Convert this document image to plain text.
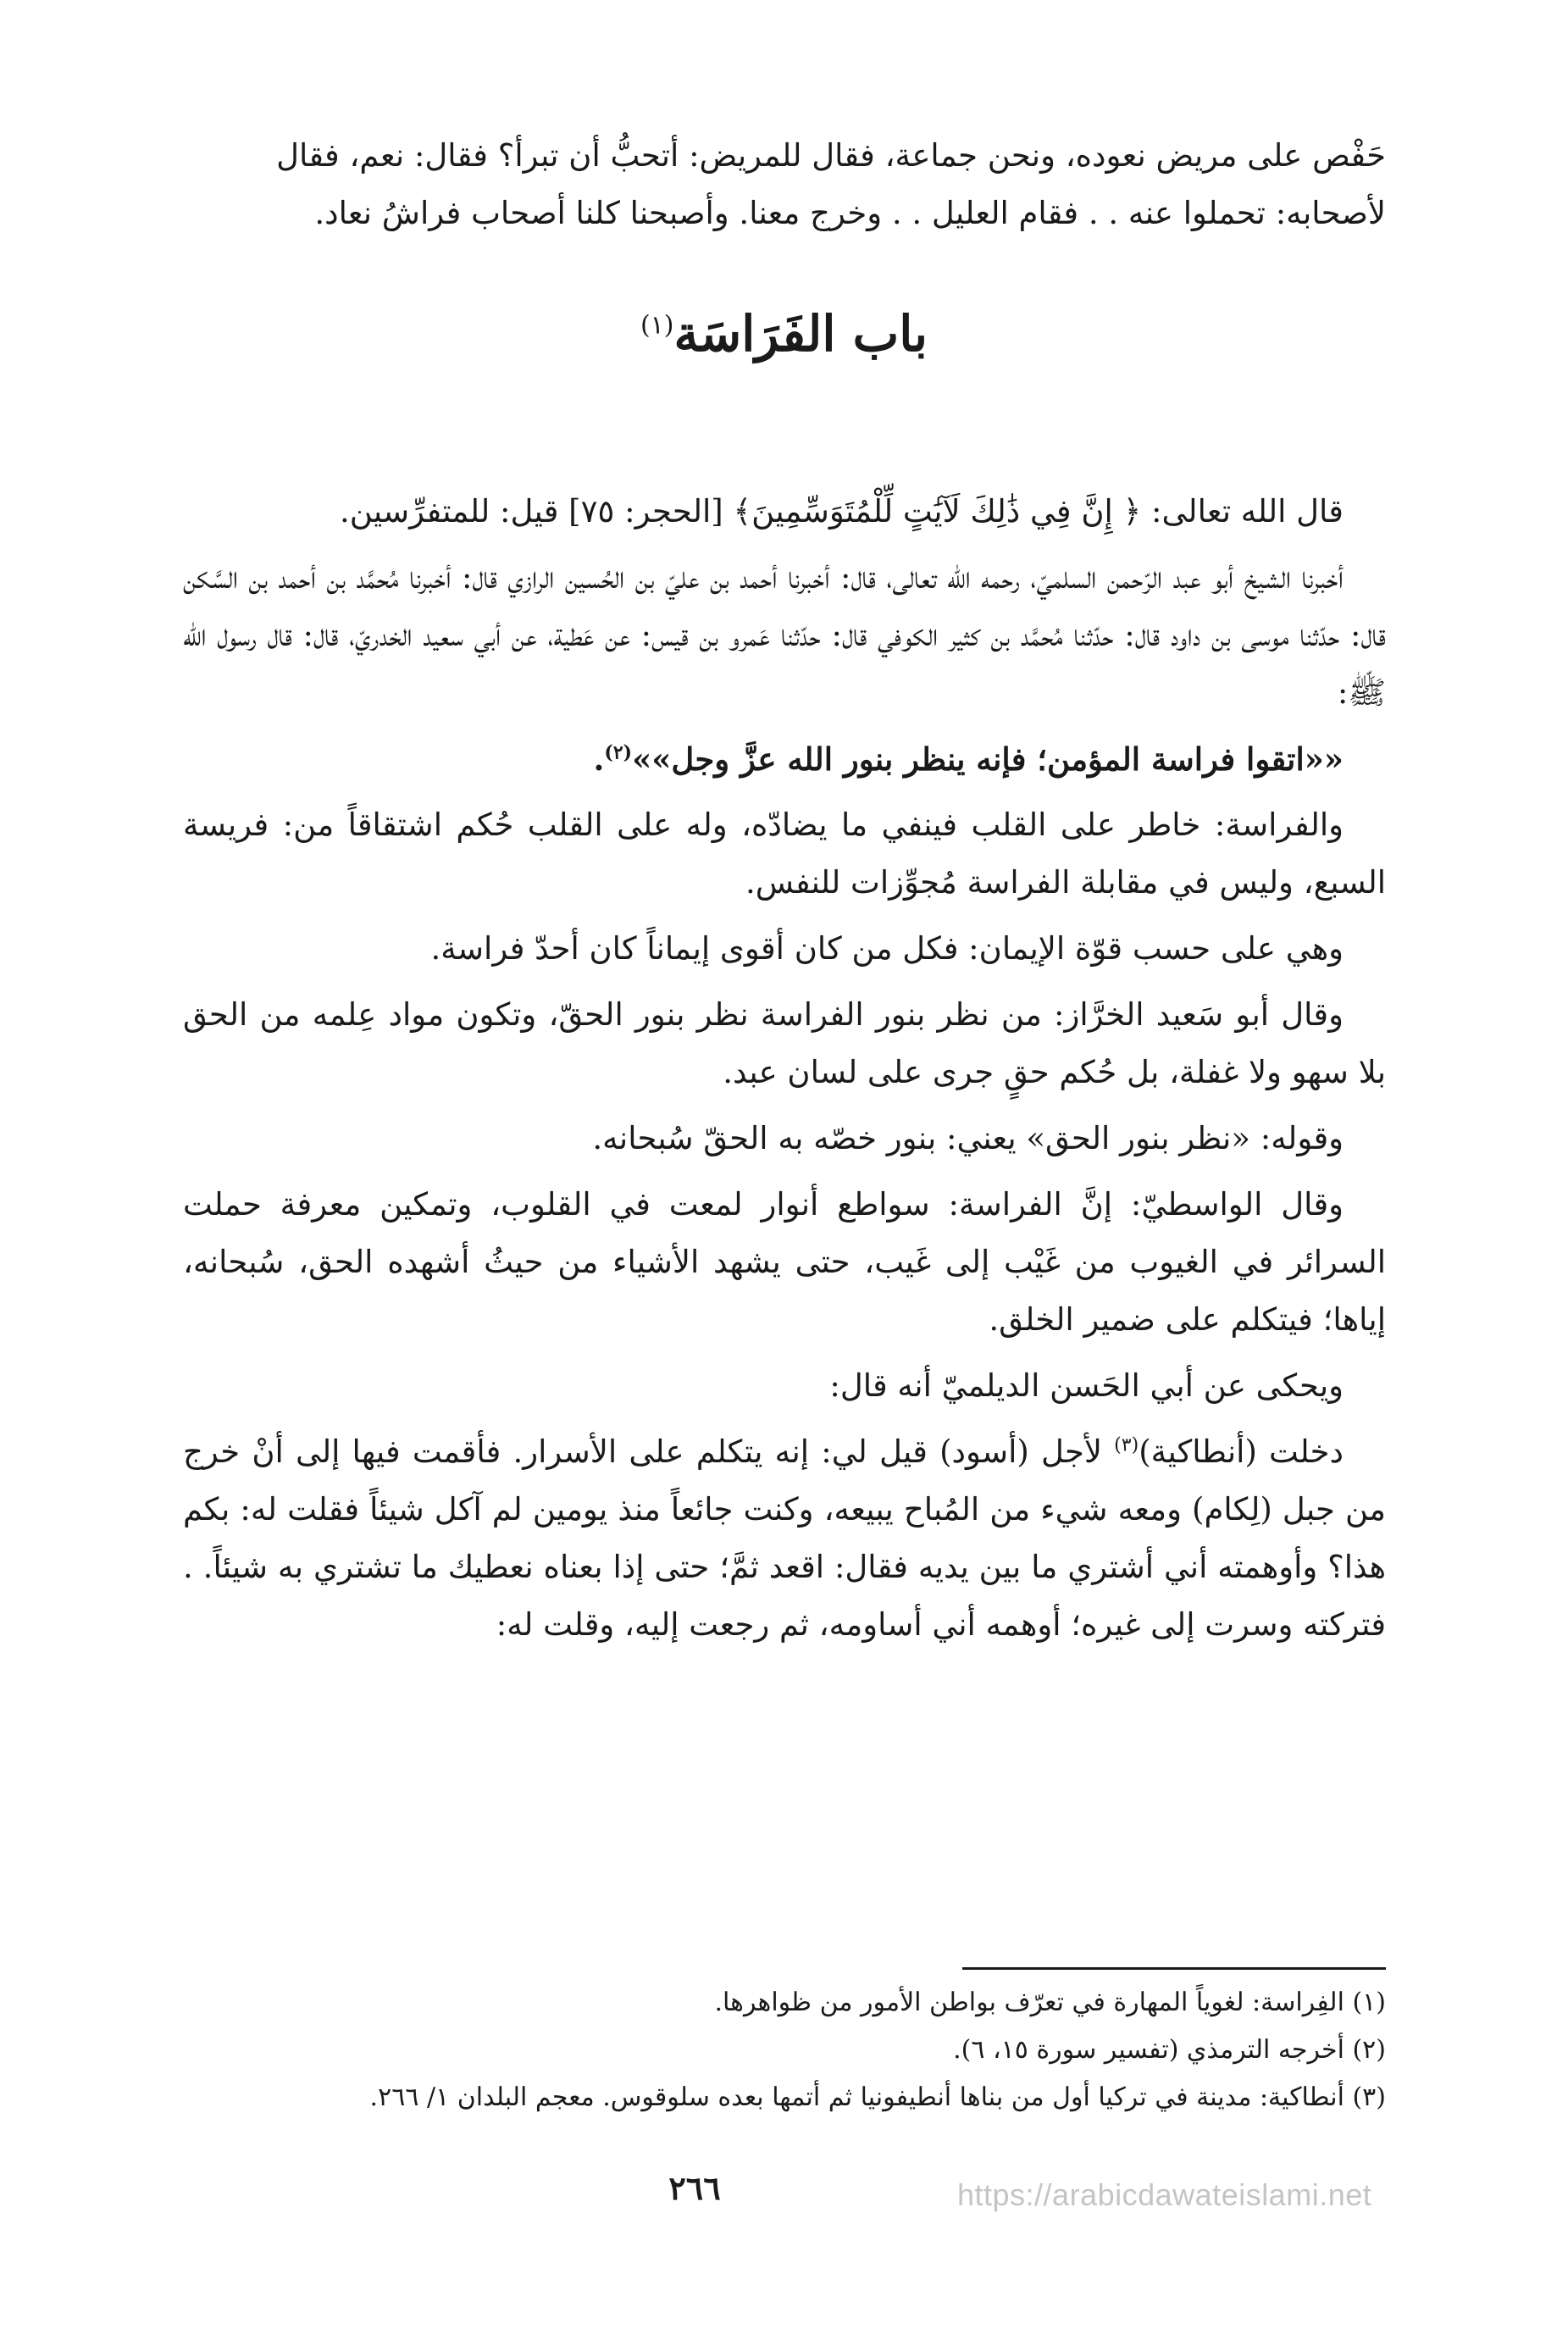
حَفْص على مريض نعوده، ونحن جماعة، فقال للمريض: أتحبُّ أن تبرأ؟ فقال: نعم، فقال

لأصحابه: تحملوا عنه . . فقام العليل . . وخرج معنا. وأصبحنا كلنا أصحاب فراشُ نعاد.

باب الفَرَاسَة$^{(١)}$

قال الله تعالى: ﴿ إِنَّ فِي ذَٰلِكَ لَآيَٰتٍ لِّلْمُتَوَسِّمِينَ﴾ [الحجر: ٧٥] قيل: للمتفرِّسين.

أخبرنا الشيخ أبو عبد الرّحمن السلميّ، رحمه الله تعالى، قال: أخبرنا أحمد بن عليّ بن الحُسين الرازي قال: أخبرنا مُحمَّد بن أحمد بن السَّكن قال: حدّثنا موسى بن داود قال: حدّثنا مُحمَّد بن كثير الكوفي قال: حدّثنا عَمرو بن قيس: عن عَطية، عن أبي سعيد الخدريّ، قال: قال رسول الله ﷺ:

««اتقوا فراسة المؤمن؛ فإنه ينظر بنور الله عزَّ وجل»»$^{(٢)}$.

والفراسة: خاطر على القلب فينفي ما يضادّه، وله على القلب حُكم اشتقاقاً من: فريسة السبع، وليس في مقابلة الفراسة مُجوِّزات للنفس.

وهي على حسب قوّة الإيمان: فكل من كان أقوى إيماناً كان أحدّ فراسة.

وقال أبو سَعيد الخرَّاز: من نظر بنور الفراسة نظر بنور الحقّ، وتكون مواد عِلمه من الحق بلا سهو ولا غفلة، بل حُكم حقٍ جرى على لسان عبد.

وقوله: «نظر بنور الحق» يعني: بنور خصّه به الحقّ سُبحانه.

وقال الواسطيّ: إنَّ الفراسة: سواطع أنوار لمعت في القلوب، وتمكين معرفة حملت السرائر في الغيوب من غَيْب إلى غَيب، حتى يشهد الأشياء من حيثُ أشهده الحق، سُبحانه، إياها؛ فيتكلم على ضمير الخلق.

ويحكى عن أبي الحَسن الديلميّ أنه قال:

دخلت (أنطاكية)$^{(٣)}$ لأجل (أسود) قيل لي: إنه يتكلم على الأسرار. فأقمت فيها إلى أنْ خرج من جبل (لِكام) ومعه شيء من المُباح يبيعه، وكنت جائعاً منذ يومين لم آكل شيئاً فقلت له: بكم هذا؟ وأوهمته أني أشتري ما بين يديه فقال: اقعد ثمَّ؛ حتى إذا بعناه نعطيك ما تشتري به شيئاً. . فتركته وسرت إلى غيره؛ أوهمه أني أساومه، ثم رجعت إليه، وقلت له:

(١) الفِراسة: لغوياً المهارة في تعرّف بواطن الأمور من ظواهرها.

(٢) أخرجه الترمذي (تفسير سورة ١٥، ٦).

(٣) أنطاكية: مدينة في تركيا أول من بناها أنطيفونيا ثم أتمها بعده سلوقوس. معجم البلدان ١/ ٢٦٦.

٢٦٦	https://arabicdawateislami.net
